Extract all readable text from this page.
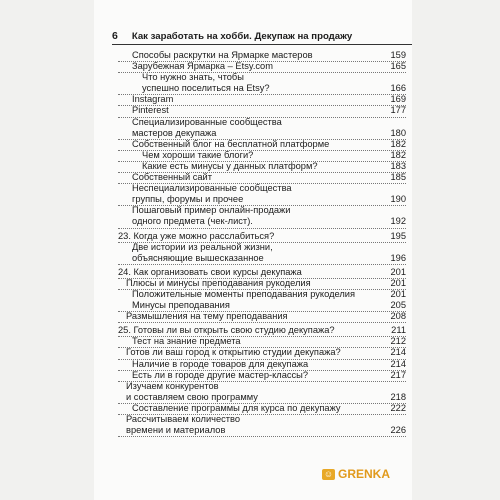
6 Как заработать на хобби. Декупаж на продажу
Способы раскрутки на Ярмарке мастеров	159
Зарубежная Ярмарка – Etsy.com	165
Что нужно знать, чтобы
успешно поселиться на Etsy?	166
Instagram	169
Pinterest	177
Специализированные сообщества
мастеров декупажа	180
Собственный блог на бесплатной платформе	182
Чем хороши такие блоги?	182
Какие есть минусы у данных платформ?	183
Собственный сайт	185
Неспециализированные сообщества
группы, форумы и прочее	190
Пошаговый пример онлайн-продажи
одного предмета (чек-лист).	192
23. Когда уже можно расслабиться?	195
Две истории из реальной жизни,
объясняющие вышесказанное	196
24. Как организовать свои курсы декупажа	201
Плюсы и минусы преподавания рукоделия	201
Положительные моменты преподавания рукоделия	201
Минусы преподавания	205
Размышления на тему преподавания	208
25. Готовы ли вы открыть свою студию декупажа?	211
Тест на знание предмета	212
Готов ли ваш город к открытию студии декупажа?	214
Наличие в городе товаров для декупажа	214
Есть ли в городе другие мастер-классы?	217
Изучаем конкурентов
и составляем свою программу	218
Составление программы для курса по декупажу	222
Рассчитываем количество
времени и материалов	226
☺ GRENKA
